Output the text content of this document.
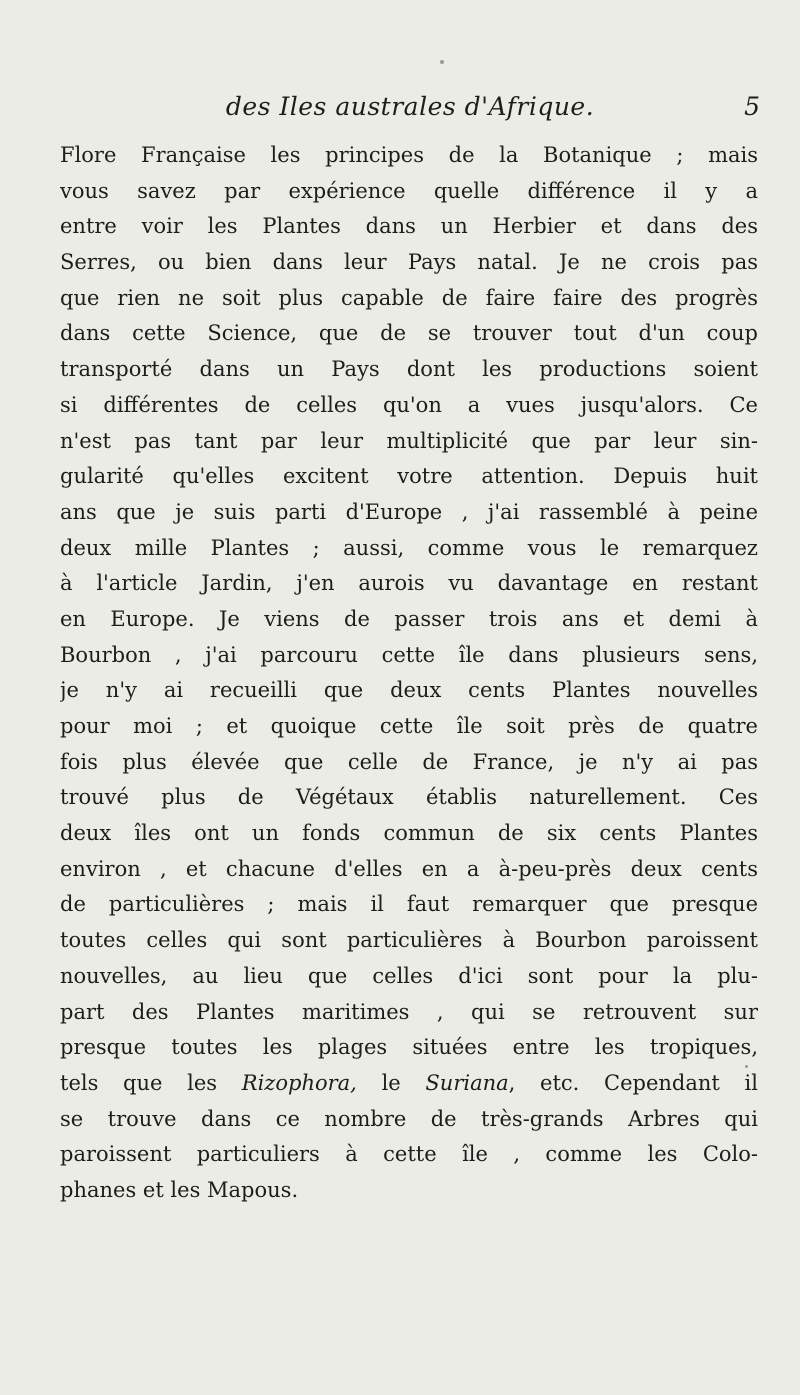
des Iles australes d'Afrique.	5
Flore Française les principes de la Botanique ; mais
vous savez par expérience quelle différence il y a
entre voir les Plantes dans un Herbier et dans des
Serres, ou bien dans leur Pays natal. Je ne crois pas
que rien ne soit plus capable de faire faire des progrès
dans cette Science, que de se trouver tout d'un coup
transporté dans un Pays dont les productions soient
si différentes de celles qu'on a vues jusqu'alors. Ce
n'est pas tant par leur multiplicité que par leur sin-
gularité qu'elles excitent votre attention. Depuis huit
ans que je suis parti d'Europe , j'ai rassemblé à peine
deux mille Plantes ; aussi, comme vous le remarquez
à l'article Jardin, j'en aurois vu davantage en restant
en Europe. Je viens de passer trois ans et demi à
Bourbon , j'ai parcouru cette île dans plusieurs sens,
je n'y ai recueilli que deux cents Plantes nouvelles
pour moi ; et quoique cette île soit près de quatre
fois plus élevée que celle de France, je n'y ai pas
trouvé plus de Végétaux établis naturellement. Ces
deux îles ont un fonds commun de six cents Plantes
environ , et chacune d'elles en a à-peu-près deux cents
de particulières ; mais il faut remarquer que presque
toutes celles qui sont particulières à Bourbon paroissent
nouvelles, au lieu que celles d'ici sont pour la plu-
part des Plantes maritimes , qui se retrouvent sur
presque toutes les plages situées entre les tropiques,
tels que les Rizophora, le Suriana, etc. Cependant il
se trouve dans ce nombre de très-grands Arbres qui
paroissent particuliers à cette île , comme les Colo-
phanes et les Mapous.
